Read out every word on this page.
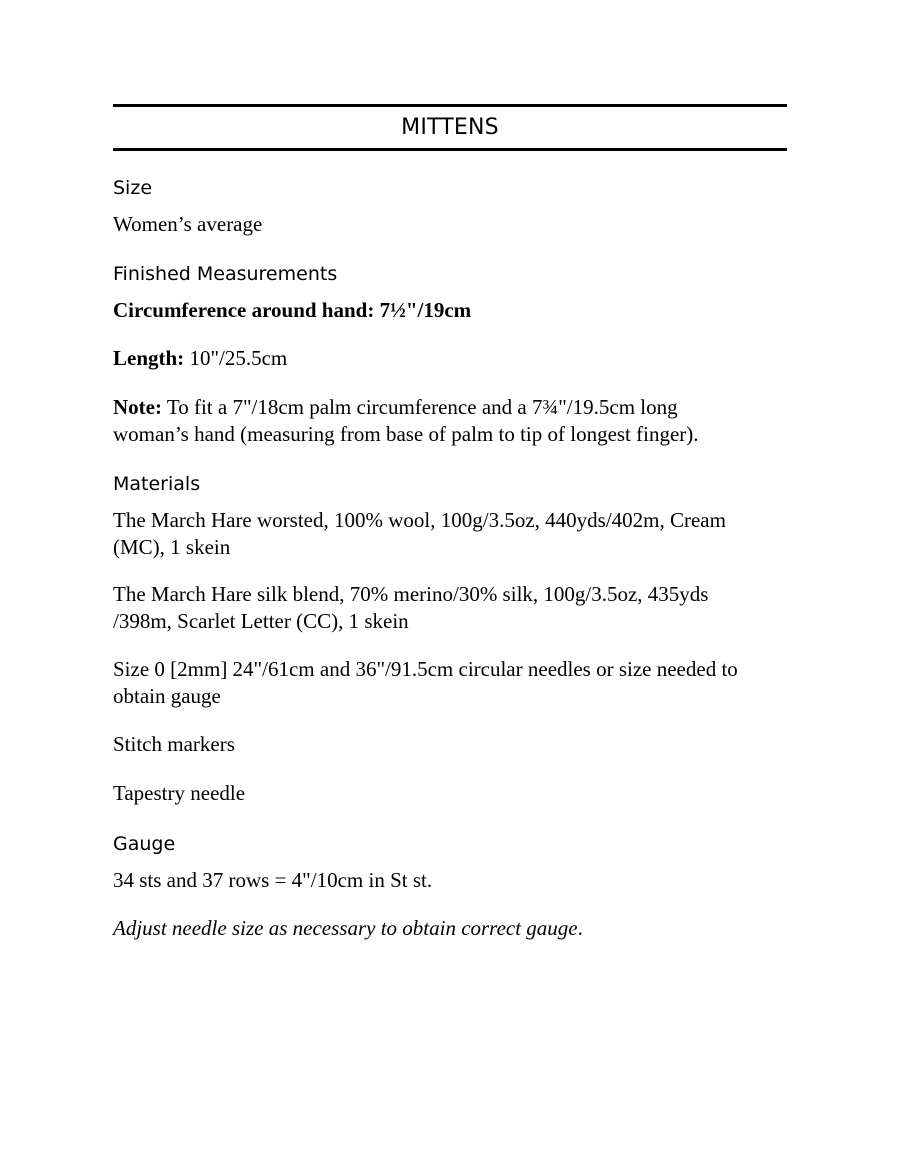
MITTENS
Size
Women’s average
Finished Measurements
Circumference around hand: 7½"/19cm
Length: 10"/25.5cm
Note: To fit a 7"/18cm palm circumference and a 7¾"/19.5cm long woman’s hand (measuring from base of palm to tip of longest finger).
Materials
The March Hare worsted, 100% wool, 100g/3.5oz, 440yds/402m, Cream (MC), 1 skein
The March Hare silk blend, 70% merino/30% silk, 100g/3.5oz, 435yds /398m, Scarlet Letter (CC), 1 skein
Size 0 [2mm] 24"/61cm and 36"/91.5cm circular needles or size needed to obtain gauge
Stitch markers
Tapestry needle
Gauge
34 sts and 37 rows = 4"/10cm in St st.
Adjust needle size as necessary to obtain correct gauge.
